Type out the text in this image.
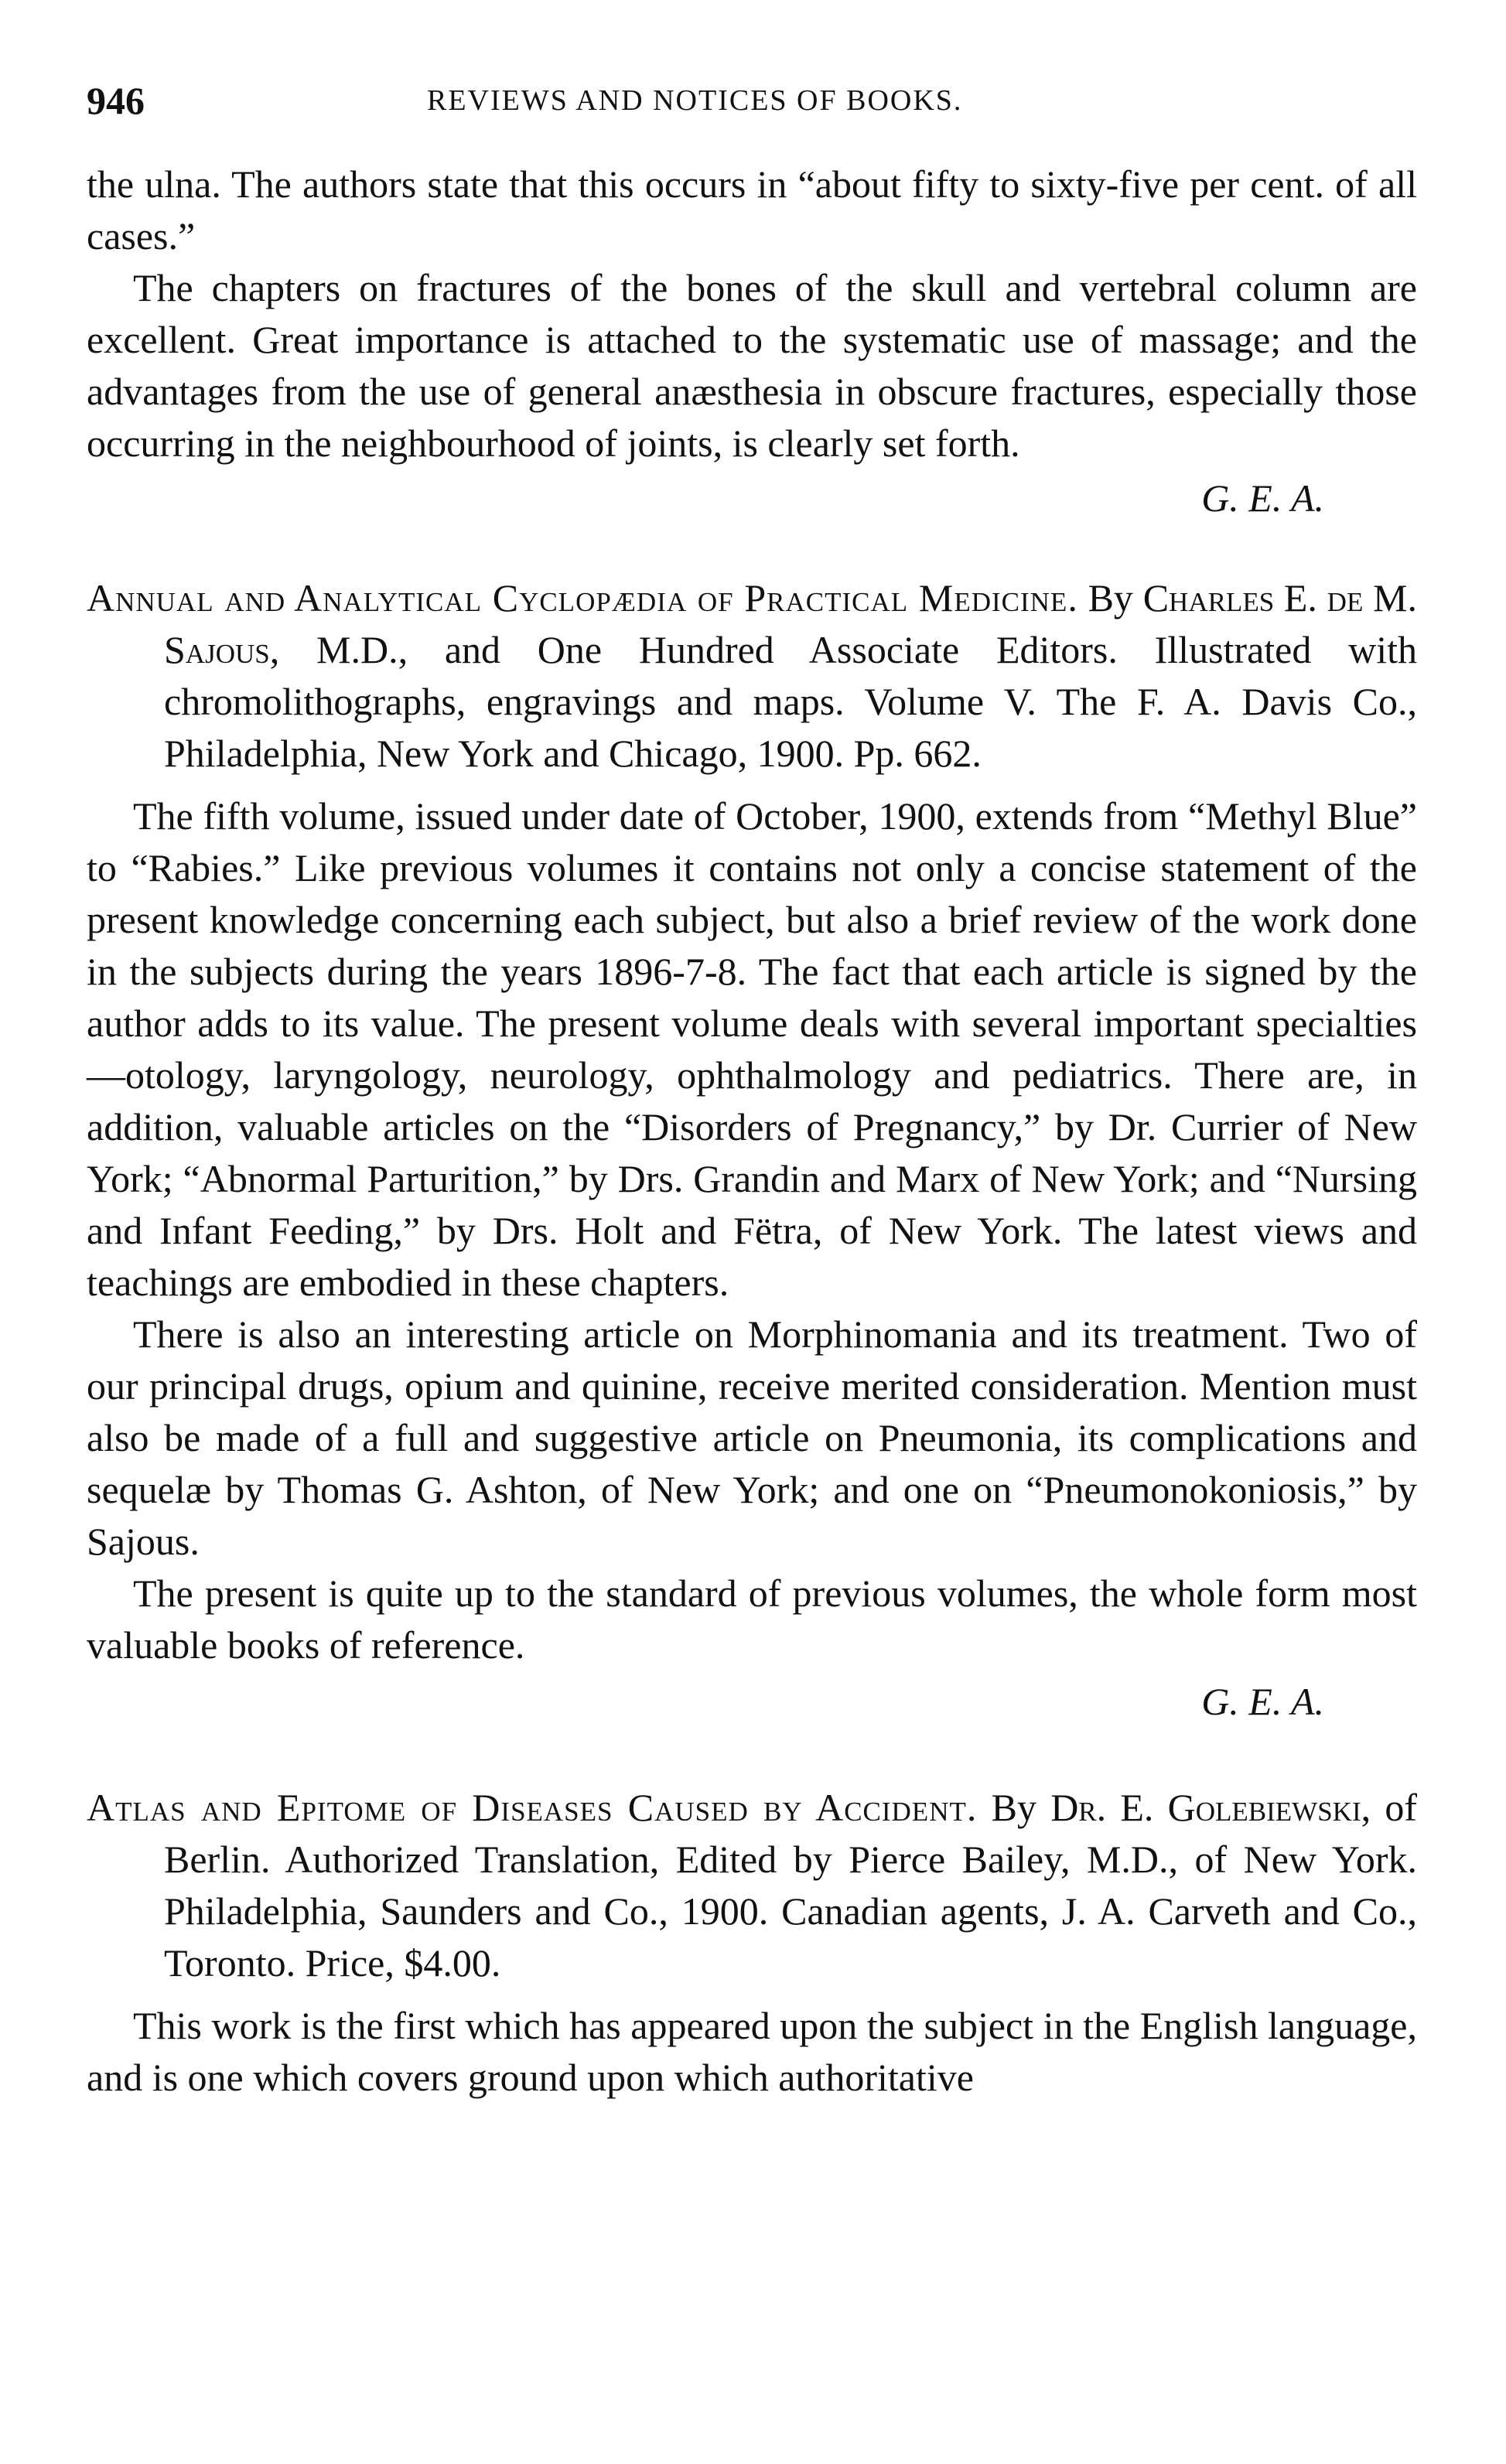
946	REVIEWS AND NOTICES OF BOOKS.

the ulna. The authors state that this occurs in “about fifty to sixty-five per cent. of all cases.”

The chapters on fractures of the bones of the skull and vertebral column are excellent. Great importance is attached to the systematic use of massage; and the advantages from the use of general anæsthesia in obscure fractures, especially those occurring in the neighbourhood of joints, is clearly set forth.

G. E. A.
Annual and Analytical Cyclopædia of Practical Medicine. By Charles E. de M. Sajous, M.D., and One Hundred Associate Editors. Illustrated with chromolithographs, engravings and maps. Volume V. The F. A. Davis Co., Philadelphia, New York and Chicago, 1900. Pp. 662.

The fifth volume, issued under date of October, 1900, extends from “Methyl Blue” to “Rabies.” Like previous volumes it contains not only a concise statement of the present knowledge concerning each subject, but also a brief review of the work done in the subjects during the years 1896-7-8. The fact that each article is signed by the author adds to its value. The present volume deals with several important specialties—otology, laryngology, neurology, ophthalmology and pediatrics. There are, in addition, valuable articles on the “Disorders of Pregnancy,” by Dr. Currier of New York; “Abnormal Parturition,” by Drs. Grandin and Marx of New York; and “Nursing and Infant Feeding,” by Drs. Holt and Fëtra, of New York. The latest views and teachings are embodied in these chapters.

There is also an interesting article on Morphinomania and its treatment. Two of our principal drugs, opium and quinine, receive merited consideration. Mention must also be made of a full and suggestive article on Pneumonia, its complications and sequelæ by Thomas G. Ashton, of New York; and one on “Pneumonokoniosis,” by Sajous.

The present is quite up to the standard of previous volumes, the whole form most valuable books of reference.

G. E. A.
Atlas and Epitome of Diseases Caused by Accident. By Dr. E. Golebiewski, of Berlin. Authorized Translation, Edited by Pierce Bailey, M.D., of New York. Philadelphia, Saunders and Co., 1900. Canadian agents, J. A. Carveth and Co., Toronto. Price, $4.00.

This work is the first which has appeared upon the subject in the English language, and is one which covers ground upon which authoritative
